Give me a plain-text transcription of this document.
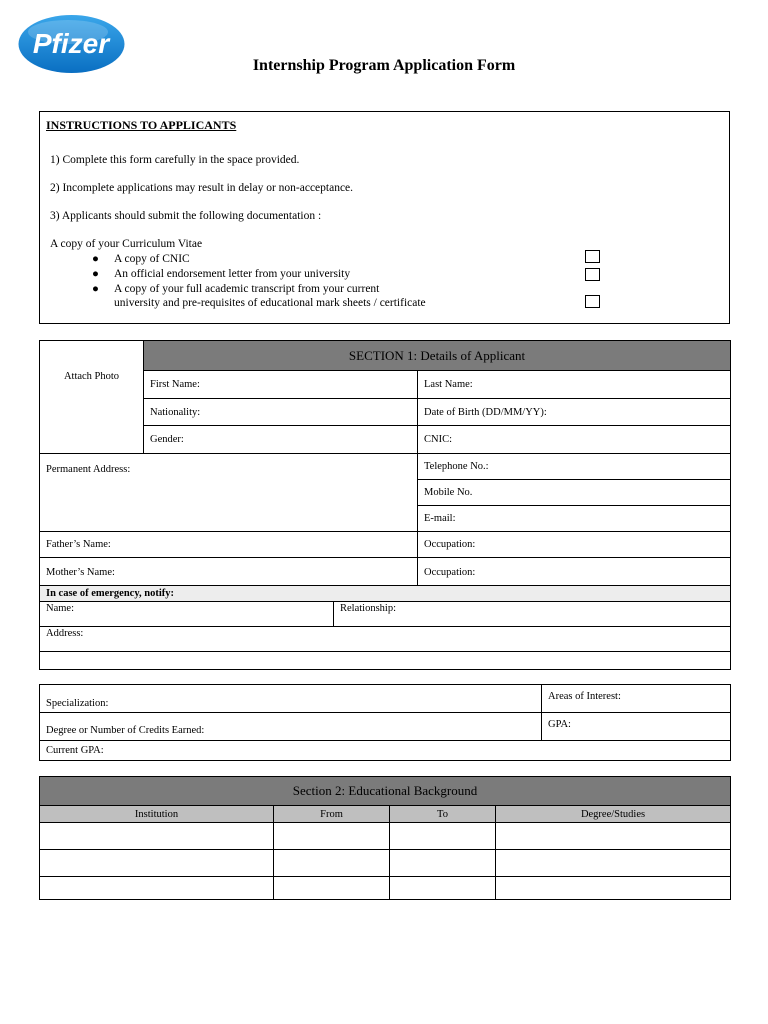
Pfizer
Internship Program Application Form
INSTRUCTIONS TO APPLICANTS
1) Complete this form carefully in the space provided.
2) Incomplete applications may result in delay or non-acceptance.
3) Applicants should submit the following documentation :
A copy of your Curriculum Vitae
● A copy of CNIC
● An official endorsement letter from your university
● A copy of your full academic transcript from your current
university and pre-requisites of educational mark sheets / certificate
Attach Photo	SECTION 1: Details of Applicant	
	First Name:	Last Name:
	Nationality:	Date of Birth (DD/MM/YY):
	Gender:	CNIC:

Permanent Address:		Telephone No.:
		Mobile No.
		E-mail:
Father’s Name:		Occupation:
Mother’s Name:		Occupation:
In case of emergency, notify:

Name:	Relationship:

Address:

Specialization:	Areas of Interest:

Degree or Number of Credits Earned:	GPA:

Current GPA:	
Section 2: Educational Background			
Institution	From	To	Degree/Studies
